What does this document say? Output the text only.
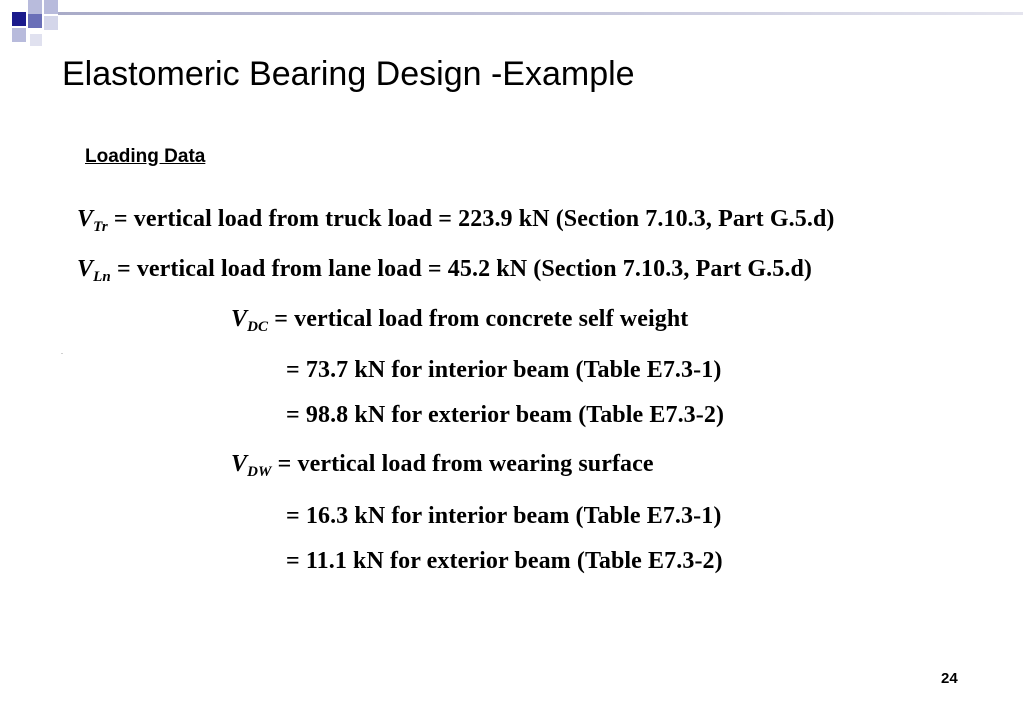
Elastomeric Bearing Design -Example
Loading Data
$V_{Tr}$ = vertical load from truck load = 223.9 kN (Section 7.10.3, Part G.5.d)
$V_{Ln}$ = vertical load from lane load = 45.2 kN (Section 7.10.3, Part G.5.d)
$V_{DC}$ = vertical load from concrete self weight
= 73.7 kN for interior beam (Table E7.3-1)
= 98.8 kN for exterior beam (Table E7.3-2)
$V_{DW}$ = vertical load from wearing surface
= 16.3 kN for interior beam (Table E7.3-1)
= 11.1 kN for exterior beam (Table E7.3-2)
24
